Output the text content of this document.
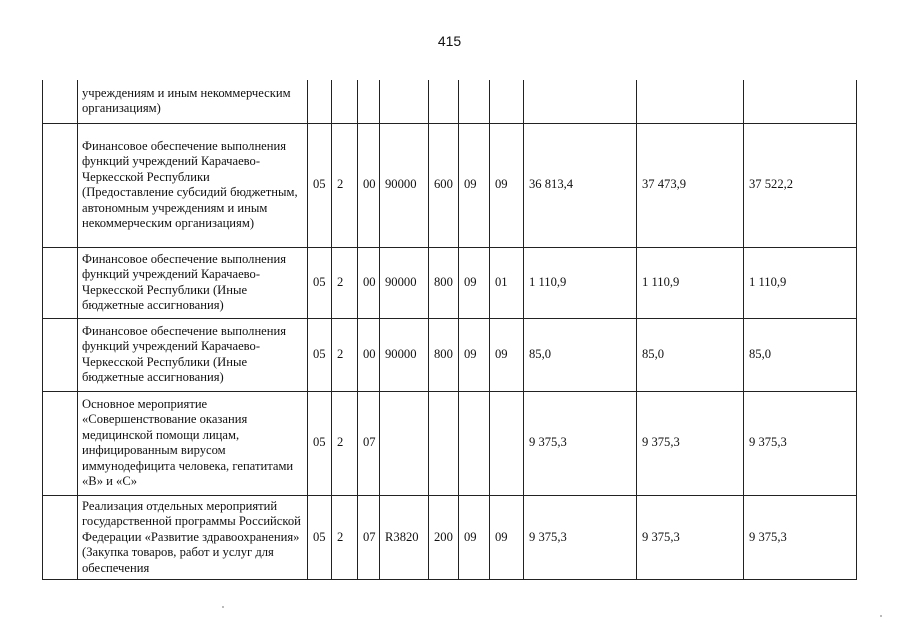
415
	учреждениям и иным некоммерческим организациям)										
	Финансовое обеспечение выполнения функций учреждений Карачаево-Черкесской Республики (Предоставление субсидий бюджетным, автономным учреждениям и иным некоммерческим организациям)	05	2	00	90000	600	09	09	36 813,4	37 473,9	37 522,2
	Финансовое обеспечение выполнения функций учреждений Карачаево-Черкесской Республики (Иные бюджетные ассигнования)	05	2	00	90000	800	09	01	1 110,9	1 110,9	1 110,9
	Финансовое обеспечение выполнения функций учреждений Карачаево-Черкесской Республики (Иные бюджетные ассигнования)	05	2	00	90000	800	09	09	85,0	85,0	85,0
	Основное мероприятие «Совершенствование оказания медицинской помощи лицам, инфицированным вирусом иммунодефицита человека, гепатитами «В» и «С»	05	2	07					9 375,3	9 375,3	9 375,3
	Реализация отдельных мероприятий государственной программы Российской Федерации «Развитие здравоохранения» (Закупка товаров, работ и услуг для обеспечения	05	2	07	R3820	200	09	09	9 375,3	9 375,3	9 375,3
